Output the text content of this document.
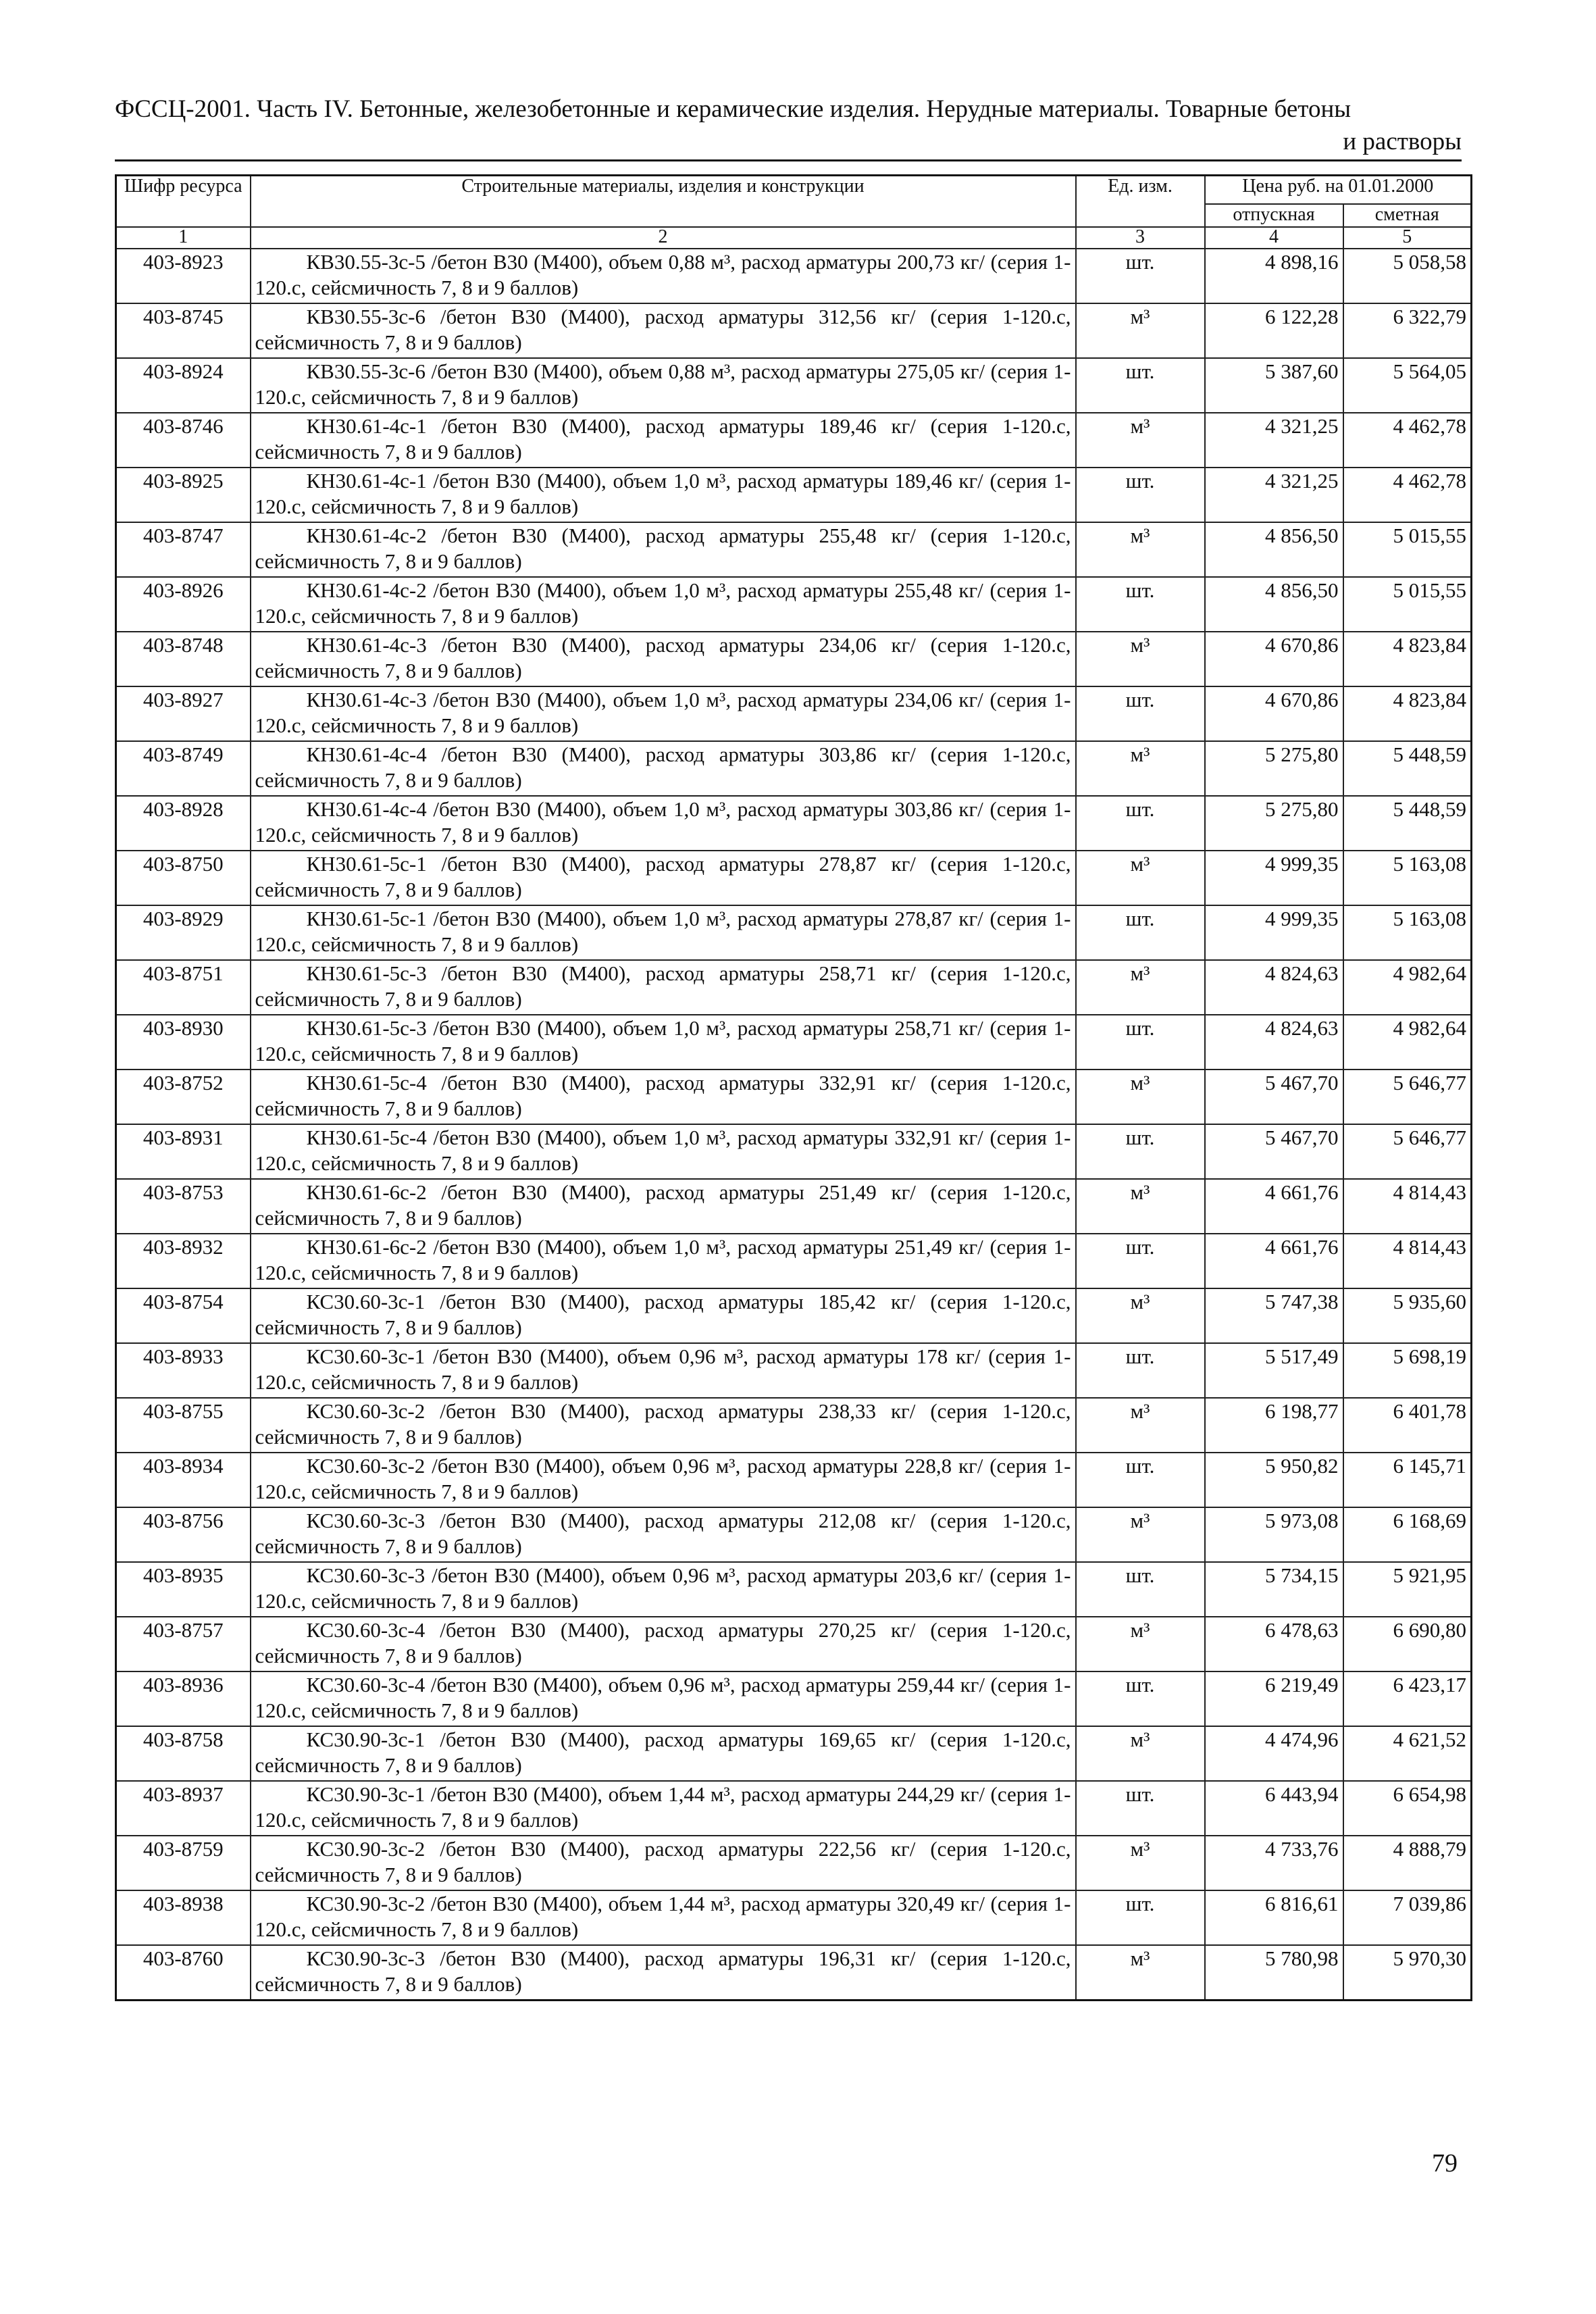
ФССЦ-2001. Часть IV. Бетонные, железобетонные и керамические изделия. Нерудные материалы. Товарные бетоны
и растворы
Шифр ресурса	Строительные материалы, изделия и конструкции	Ед. изм.	Цена руб. на 01.01.2000	
			отпускная	сметная
1	2	3	4	5
403-8923	КВ30.55-3с-5 /бетон В30 (М400), объем 0,88 м³, расход арматуры 200,73 кг/ (серия 1-120.с, сейсмичность 7, 8 и 9 баллов)	шт.	4 898,16	5 058,58
403-8745	КВ30.55-3с-6 /бетон В30 (М400), расход арматуры 312,56 кг/ (серия 1-120.с, сейсмичность 7, 8 и 9 баллов)	м³	6 122,28	6 322,79
403-8924	КВ30.55-3с-6 /бетон В30 (М400), объем 0,88 м³, расход арматуры 275,05 кг/ (серия 1-120.с, сейсмичность 7, 8 и 9 баллов)	шт.	5 387,60	5 564,05
403-8746	КН30.61-4с-1 /бетон В30 (М400), расход арматуры 189,46 кг/ (серия 1-120.с, сейсмичность 7, 8 и 9 баллов)	м³	4 321,25	4 462,78
403-8925	КН30.61-4с-1 /бетон В30 (М400), объем 1,0 м³, расход арматуры 189,46 кг/ (серия 1-120.с, сейсмичность 7, 8 и 9 баллов)	шт.	4 321,25	4 462,78
403-8747	КН30.61-4с-2 /бетон В30 (М400), расход арматуры 255,48 кг/ (серия 1-120.с, сейсмичность 7, 8 и 9 баллов)	м³	4 856,50	5 015,55
403-8926	КН30.61-4с-2 /бетон В30 (М400), объем 1,0 м³, расход арматуры 255,48 кг/ (серия 1-120.с, сейсмичность 7, 8 и 9 баллов)	шт.	4 856,50	5 015,55
403-8748	КН30.61-4с-3 /бетон В30 (М400), расход арматуры 234,06 кг/ (серия 1-120.с, сейсмичность 7, 8 и 9 баллов)	м³	4 670,86	4 823,84
403-8927	КН30.61-4с-3 /бетон В30 (М400), объем 1,0 м³, расход арматуры 234,06 кг/ (серия 1-120.с, сейсмичность 7, 8 и 9 баллов)	шт.	4 670,86	4 823,84
403-8749	КН30.61-4с-4 /бетон В30 (М400), расход арматуры 303,86 кг/ (серия 1-120.с, сейсмичность 7, 8 и 9 баллов)	м³	5 275,80	5 448,59
403-8928	КН30.61-4с-4 /бетон В30 (М400), объем 1,0 м³, расход арматуры 303,86 кг/ (серия 1-120.с, сейсмичность 7, 8 и 9 баллов)	шт.	5 275,80	5 448,59
403-8750	КН30.61-5с-1 /бетон В30 (М400), расход арматуры 278,87 кг/ (серия 1-120.с, сейсмичность 7, 8 и 9 баллов)	м³	4 999,35	5 163,08
403-8929	КН30.61-5с-1 /бетон В30 (М400), объем 1,0 м³, расход арматуры 278,87 кг/ (серия 1-120.с, сейсмичность 7, 8 и 9 баллов)	шт.	4 999,35	5 163,08
403-8751	КН30.61-5с-3 /бетон В30 (М400), расход арматуры 258,71 кг/ (серия 1-120.с, сейсмичность 7, 8 и 9 баллов)	м³	4 824,63	4 982,64
403-8930	КН30.61-5с-3 /бетон В30 (М400), объем 1,0 м³, расход арматуры 258,71 кг/ (серия 1-120.с, сейсмичность 7, 8 и 9 баллов)	шт.	4 824,63	4 982,64
403-8752	КН30.61-5с-4 /бетон В30 (М400), расход арматуры 332,91 кг/ (серия 1-120.с, сейсмичность 7, 8 и 9 баллов)	м³	5 467,70	5 646,77
403-8931	КН30.61-5с-4 /бетон В30 (М400), объем 1,0 м³, расход арматуры 332,91 кг/ (серия 1-120.с, сейсмичность 7, 8 и 9 баллов)	шт.	5 467,70	5 646,77
403-8753	КН30.61-6с-2 /бетон В30 (М400), расход арматуры 251,49 кг/ (серия 1-120.с, сейсмичность 7, 8 и 9 баллов)	м³	4 661,76	4 814,43
403-8932	КН30.61-6с-2 /бетон В30 (М400), объем 1,0 м³, расход арматуры 251,49 кг/ (серия 1-120.с, сейсмичность 7, 8 и 9 баллов)	шт.	4 661,76	4 814,43
403-8754	КС30.60-3с-1 /бетон В30 (М400), расход арматуры 185,42 кг/ (серия 1-120.с, сейсмичность 7, 8 и 9 баллов)	м³	5 747,38	5 935,60
403-8933	КС30.60-3с-1 /бетон В30 (М400), объем 0,96 м³, расход арматуры 178 кг/ (серия 1-120.с, сейсмичность 7, 8 и 9 баллов)	шт.	5 517,49	5 698,19
403-8755	КС30.60-3с-2 /бетон В30 (М400), расход арматуры 238,33 кг/ (серия 1-120.с, сейсмичность 7, 8 и 9 баллов)	м³	6 198,77	6 401,78
403-8934	КС30.60-3с-2 /бетон В30 (М400), объем 0,96 м³, расход арматуры 228,8 кг/ (серия 1-120.с, сейсмичность 7, 8 и 9 баллов)	шт.	5 950,82	6 145,71
403-8756	КС30.60-3с-3 /бетон В30 (М400), расход арматуры 212,08 кг/ (серия 1-120.с, сейсмичность 7, 8 и 9 баллов)	м³	5 973,08	6 168,69
403-8935	КС30.60-3с-3 /бетон В30 (М400), объем 0,96 м³, расход арматуры 203,6 кг/ (серия 1-120.с, сейсмичность 7, 8 и 9 баллов)	шт.	5 734,15	5 921,95
403-8757	КС30.60-3с-4 /бетон В30 (М400), расход арматуры 270,25 кг/ (серия 1-120.с, сейсмичность 7, 8 и 9 баллов)	м³	6 478,63	6 690,80
403-8936	КС30.60-3с-4 /бетон В30 (М400), объем 0,96 м³, расход арматуры 259,44 кг/ (серия 1-120.с, сейсмичность 7, 8 и 9 баллов)	шт.	6 219,49	6 423,17
403-8758	КС30.90-3с-1 /бетон В30 (М400), расход арматуры 169,65 кг/ (серия 1-120.с, сейсмичность 7, 8 и 9 баллов)	м³	4 474,96	4 621,52
403-8937	КС30.90-3с-1 /бетон В30 (М400), объем 1,44 м³, расход арматуры 244,29 кг/ (серия 1-120.с, сейсмичность 7, 8 и 9 баллов)	шт.	6 443,94	6 654,98
403-8759	КС30.90-3с-2 /бетон В30 (М400), расход арматуры 222,56 кг/ (серия 1-120.с, сейсмичность 7, 8 и 9 баллов)	м³	4 733,76	4 888,79
403-8938	КС30.90-3с-2 /бетон В30 (М400), объем 1,44 м³, расход арматуры 320,49 кг/ (серия 1-120.с, сейсмичность 7, 8 и 9 баллов)	шт.	6 816,61	7 039,86
403-8760	КС30.90-3с-3 /бетон В30 (М400), расход арматуры 196,31 кг/ (серия 1-120.с, сейсмичность 7, 8 и 9 баллов)	м³	5 780,98	5 970,30
79
